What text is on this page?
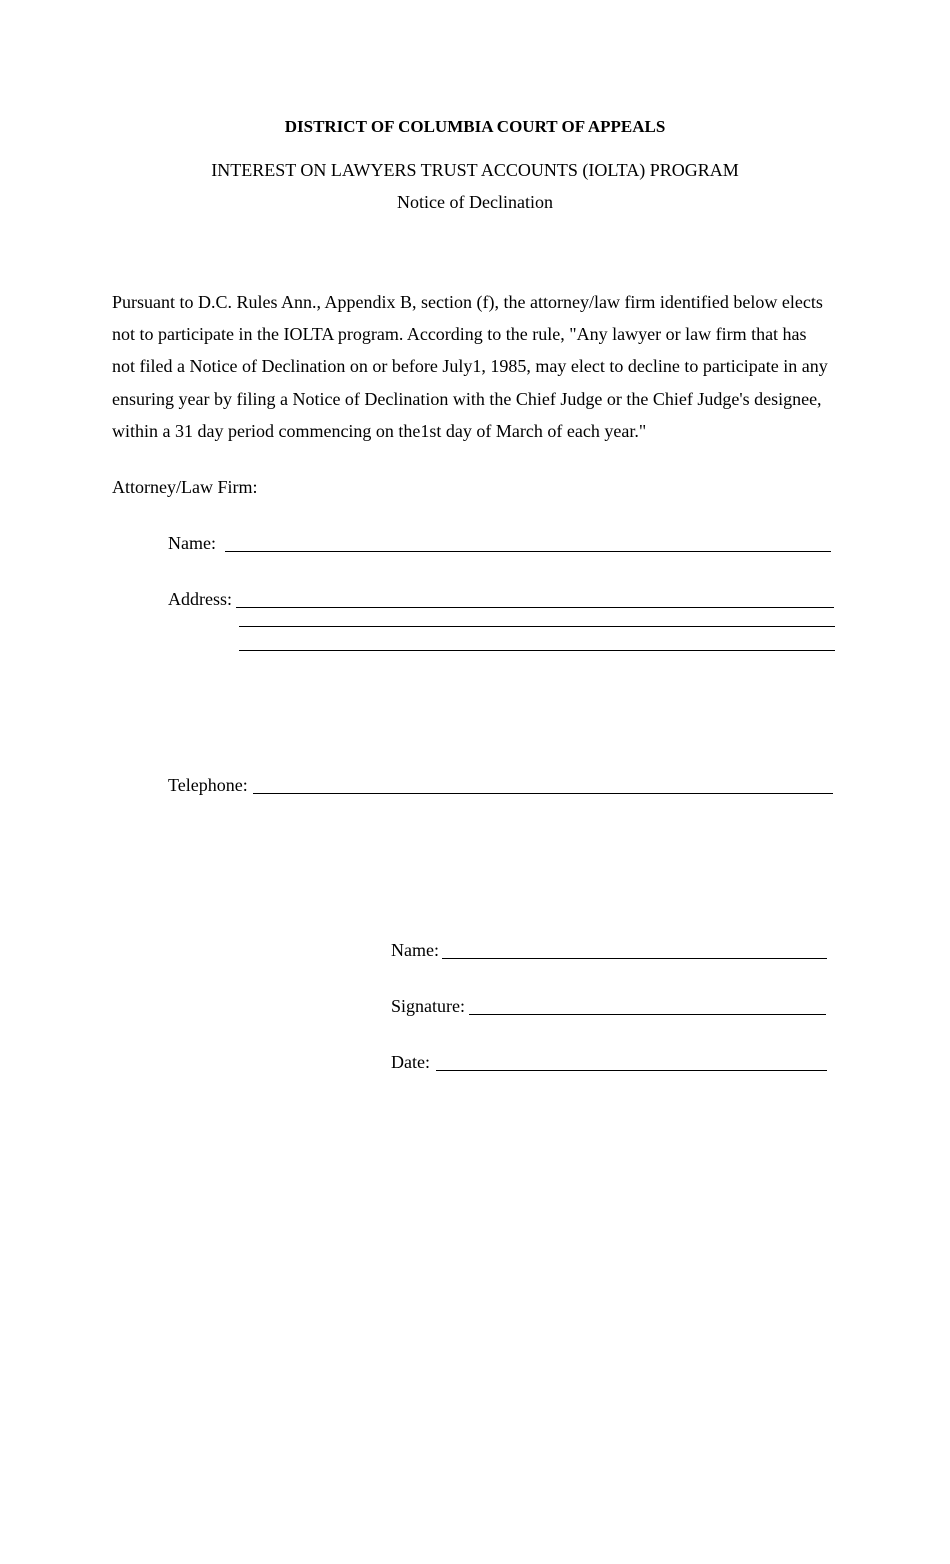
DISTRICT OF COLUMBIA COURT OF APPEALS
INTEREST ON LAWYERS TRUST ACCOUNTS (IOLTA) PROGRAM
Notice of Declination
Pursuant to D.C. Rules Ann., Appendix B, section (f), the attorney/law firm identified below elects
not to participate in the IOLTA program. According to the rule, "Any lawyer or law firm that has
not filed a Notice of Declination on or before July1, 1985, may elect to decline to participate in any
ensuring year by filing a Notice of Declination with the Chief Judge or the Chief Judge's designee,
within a 31 day period commencing on the1st day of March of each year."
Attorney/Law Firm:
Name:
Address:
Telephone:
Name:
Signature:
Date:
